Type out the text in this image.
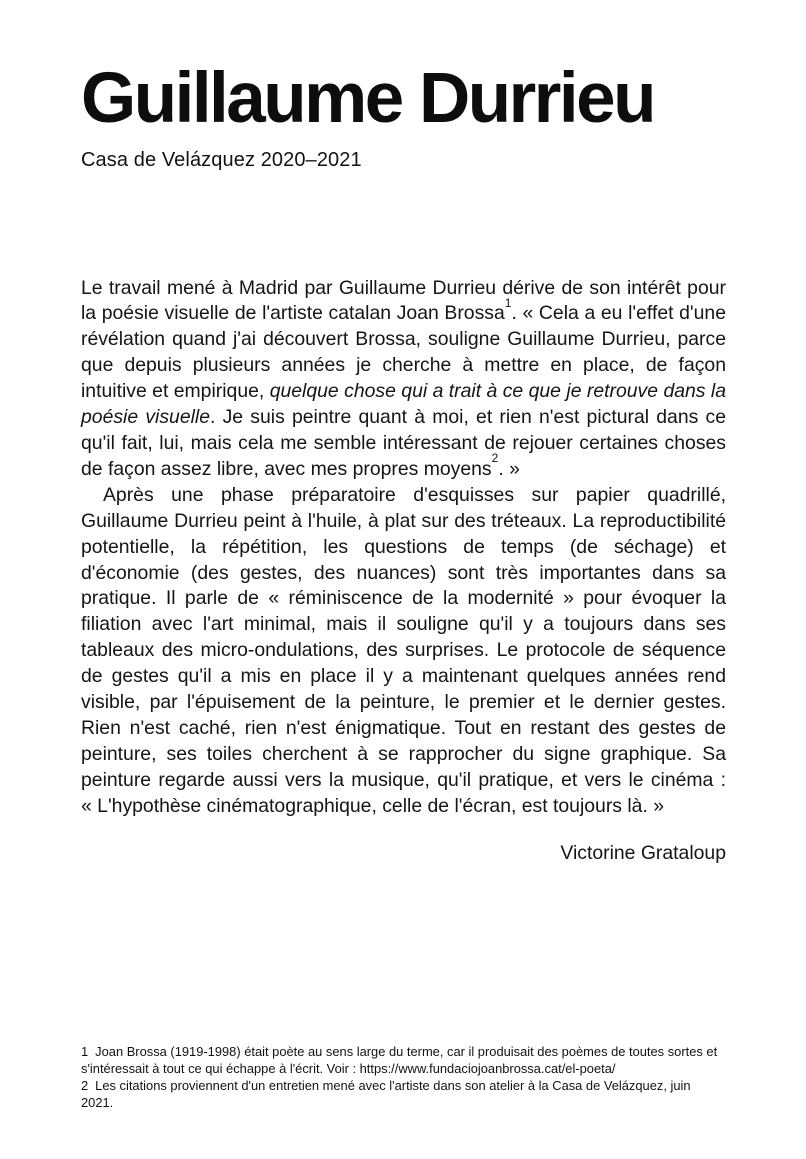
Guillaume Durrieu
Casa de Velázquez 2020–2021

Le travail mené à Madrid par Guillaume Durrieu dérive de son intérêt pour la poésie visuelle de l'artiste catalan Joan Brossa$^1$. « Cela a eu l'effet d'une révélation quand j'ai découvert Brossa, souligne Guillaume Durrieu, parce que depuis plusieurs années je cherche à mettre en place, de façon intuitive et empirique, quelque chose qui a trait à ce que je retrouve dans la poésie visuelle. Je suis peintre quant à moi, et rien n'est pictural dans ce qu'il fait, lui, mais cela me semble intéressant de rejouer certaines choses de façon assez libre, avec mes propres moyens$^2$. »

Après une phase préparatoire d'esquisses sur papier quadrillé, Guillaume Durrieu peint à l'huile, à plat sur des tréteaux. La reproductibilité potentielle, la répétition, les questions de temps (de séchage) et d'économie (des gestes, des nuances) sont très importantes dans sa pratique. Il parle de « réminiscence de la modernité » pour évoquer la filiation avec l'art minimal, mais il souligne qu'il y a toujours dans ses tableaux des micro-ondulations, des surprises. Le protocole de séquence de gestes qu'il a mis en place il y a maintenant quelques années rend visible, par l'épuisement de la peinture, le premier et le dernier gestes. Rien n'est caché, rien n'est énigmatique. Tout en restant des gestes de peinture, ses toiles cherchent à se rapprocher du signe graphique. Sa peinture regarde aussi vers la musique, qu'il pratique, et vers le cinéma : « L'hypothèse cinématographique, celle de l'écran, est toujours là. »

Victorine Grataloup

1 Joan Brossa (1919-1998) était poète au sens large du terme, car il produisait des poèmes de toutes sortes et s'intéressait à tout ce qui échappe à l'écrit. Voir : https://www.fundaciojoanbrossa.cat/el-poeta/

2 Les citations proviennent d'un entretien mené avec l'artiste dans son atelier à la Casa de Velázquez, juin 2021.
